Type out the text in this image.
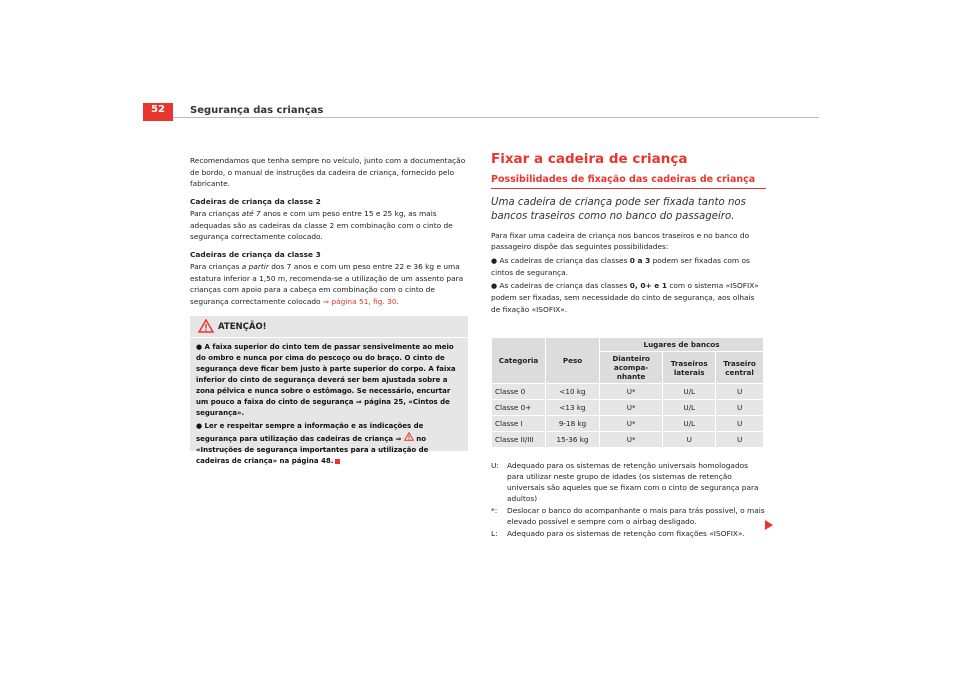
52	Segurança das crianças

Recomendamos que tenha sempre no veículo, junto com a documentação de bordo, o manual de instruções da cadeira de criança, fornecido pelo fabricante.

Cadeiras de criança da classe 2

Para crianças até 7 anos e com um peso entre 15 e 25 kg, as mais adequadas são as cadeiras da classe 2 em combinação com o cinto de segurança correctamente colocado.

Cadeiras de criança da classe 3

Para crianças a partir dos 7 anos e com um peso entre 22 e 36 kg e uma estatura inferior a 1,50 m, recomenda-se a utilização de um assento para crianças com apoio para a cabeça em combinação com o cinto de segurança correctamente colocado ⇒ página 51, fig. 30.

ATENÇÃO!
● A faixa superior do cinto tem de passar sensivelmente ao meio do ombro e nunca por cima do pescoço ou do braço. O cinto de segurança deve ficar bem justo à parte superior do corpo. A faixa inferior do cinto de segurança deverá ser bem ajustada sobre a zona pélvica e nunca sobre o estômago. Se necessário, encurtar um pouco a faixa do cinto de segurança ⇒ página 25, «Cintos de segurança».
● Ler e respeitar sempre a informação e as indicações de segurança para utilização das cadeiras de criança ⇒  no «Instruções de segurança importantes para a utilização de cadeiras de criança» na página 48.
Fixar a cadeira de criança
Possibilidades de fixação das cadeiras de criança
Uma cadeira de criança pode ser fixada tanto nos bancos traseiros como no banco do passageiro.
Para fixar uma cadeira de criança nos bancos traseiros e no banco do passageiro dispõe das seguintes possibilidades:
● As cadeiras de criança das classes 0 a 3 podem ser fixadas com os cintos de segurança.
● As cadeiras de criança das classes 0, 0+ e 1 com o sistema «ISOFIX» podem ser fixadas, sem necessidade do cinto de segurança, aos olhais de fixação «ISOFIX».
Categoria	Peso	Lugares de bancos		
		Dianteiro acompanhante	Traseiros laterais	Traseiro central
Classe 0	<10 kg	U*	U/L	U
Classe 0+	<13 kg	U*	U/L	U
Classe I	9-18 kg	U*	U/L	U
Classe II/III	15-36 kg	U*	U	U
U:	Adequado para os sistemas de retenção universais homologados para utilizar neste grupo de idades (os sistemas de retenção universais são aqueles que se fixam com o cinto de segurança para adultos)
*:	Deslocar o banco do acompanhante o mais para trás possível, o mais elevado possível e sempre com o airbag desligado.
L:	Adequado para os sistemas de retenção com fixações «ISOFIX».
